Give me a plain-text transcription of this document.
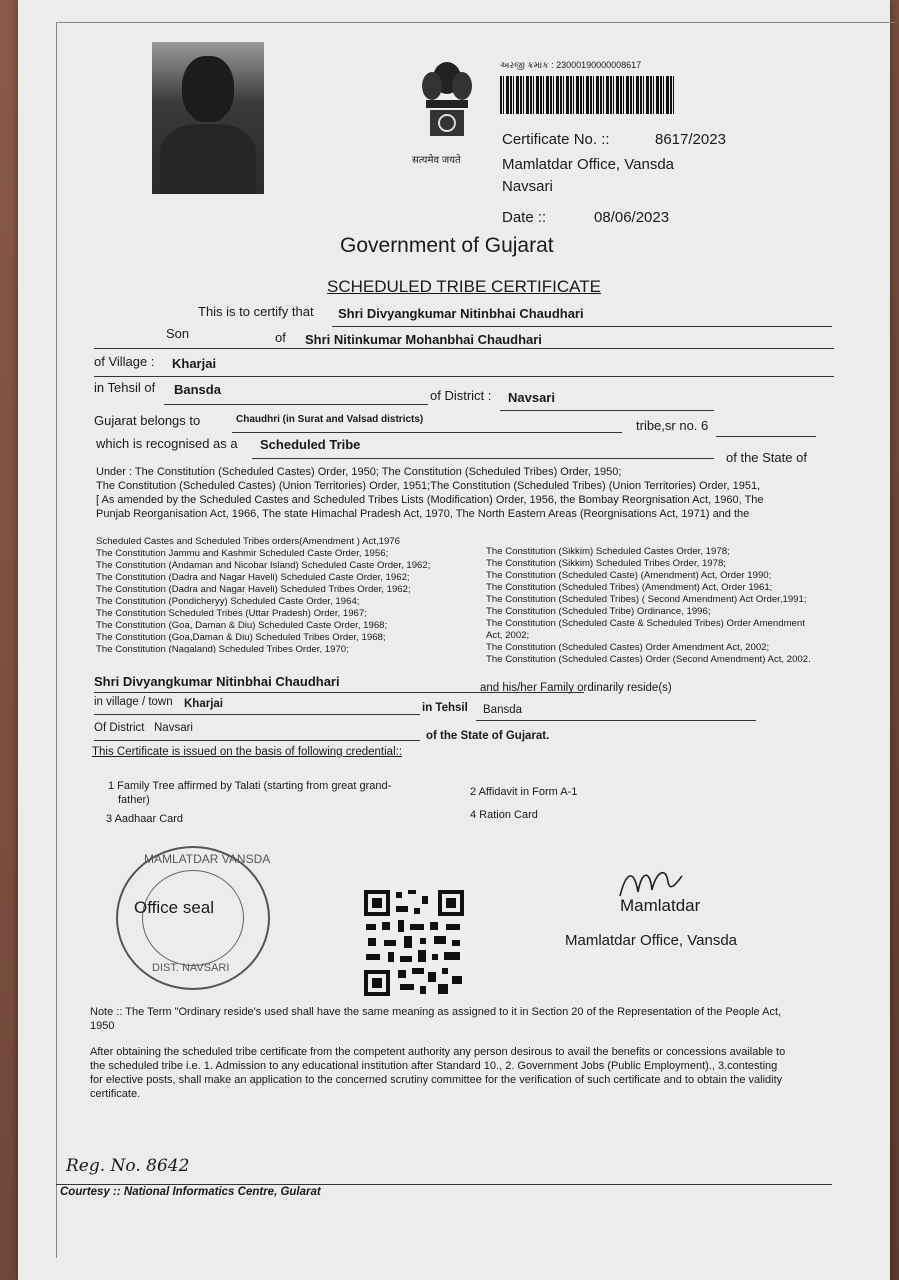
सत्यमेव जयते
અરજી ક્રમાંક : 23000190000008617
Certificate No. ::	8617/2023
Mamlatdar Office, Vansda
Navsari
Date ::	08/06/2023
Government of Gujarat
SCHEDULED TRIBE CERTIFICATE
This is to certify that Shri Divyangkumar Nitinbhai Chaudhari
Son	of Shri Nitinkumar Mohanbhai Chaudhari
of Village : Kharjai
in Tehsil of Bansda	of District : Navsari
Gujarat belongs to	Chaudhri (in Surat and Valsad districts)	tribe,sr no. 6
which is recognised as a Scheduled Tribe
of the State of
Under : The Constitution (Scheduled Castes) Order, 1950; The Constitution (Scheduled Tribes) Order, 1950;
The Constitution (Scheduled Castes) (Union Territories) Order, 1951;The Constitution (Scheduled Tribes) (Union Territories) Order, 1951,
[ As amended by the Scheduled Castes and Scheduled Tribes Lists (Modification) Order, 1956, the Bombay Reorgnisation Act, 1960, The
Punjab Reorganisation Act, 1966, The state Himachal Pradesh Act, 1970, The North Eastern Areas (Reorgnisations Act, 1971) and the
Scheduled Castes and Scheduled Tribes orders(Amendment ) Act,1976
The Constitution Jammu and Kashmir Scheduled Caste Order, 1956;
The Constitution (Andaman and Nicobar Island) Scheduled Caste Order, 1962;
The Constitution (Dadra and Nagar Haveli) Scheduled Caste Order, 1962;
The Constitution (Dadra and Nagar Haveli) Scheduled Tribes Order, 1962;
The Constitution (Pondicheryy) Scheduled Caste Order, 1964;
The Constitution Scheduled Tribes (Uttar Pradesh) Order, 1967;
The Constitution (Goa, Daman & Diu) Scheduled Caste Order, 1968;
The Constitution (Goa,Daman & Diu) Scheduled Tribes Order, 1968;
The Constitution (Nagaland) Scheduled Tribes Order, 1970;
The Constitution (Sikkim) Scheduled Castes Order, 1978;
The Constitution (Sikkim) Scheduled Tribes Order, 1978;
The Constitution (Scheduled Caste) (Amendment) Act, Order 1990;
The Constitution (Scheduled Tribes) (Amendment) Act, Order 1961;
The Constitution (Scheduled Tribes) ( Second Amendment) Act Order,1991;
The Constitution (Scheduled Tribe) Ordinance, 1996;
The Constitution (Scheduled Caste & Scheduled Tribes) Order Amendment
Act, 2002;
The Constitution (Scheduled Castes) Order Amendment Act, 2002;
The Constitution (Scheduled Castes) Order (Second Amendment) Act, 2002.
Shri Divyangkumar Nitinbhai Chaudhari	and his/her Family ordinarily reside(s)
in village / town Kharjai	in Tehsil Bansda
Of District Navsari
of the State of Gujarat.
This Certificate is issued on the basis of following credential::
1 Family Tree affirmed by Talati (starting from great grand-
father)
2 Affidavit in Form A-1
3 Aadhaar Card	4 Ration Card
MAMLATDAR VANSDA
Office seal
DIST. NAVSARI
Mamlatdar
Mamlatdar Office, Vansda
Note :: The Term "Ordinary reside's used shall have the same meaning as assigned to it in Section 20 of the Representation of the People Act,
1950
After obtaining the scheduled tribe certificate from the competent authority any person desirous to avail the benefits or concessions available to
the scheduled tribe i.e. 1. Admission to any educational institution after Standard 10., 2. Government Jobs (Public Employment)., 3.contesting
for elective posts, shall make an application to the concerned scrutiny committee for the verification of such certificate and to obtain the validity
certificate.
Reg. No. 8642
Courtesy :: National Informatics Centre, Gularat
